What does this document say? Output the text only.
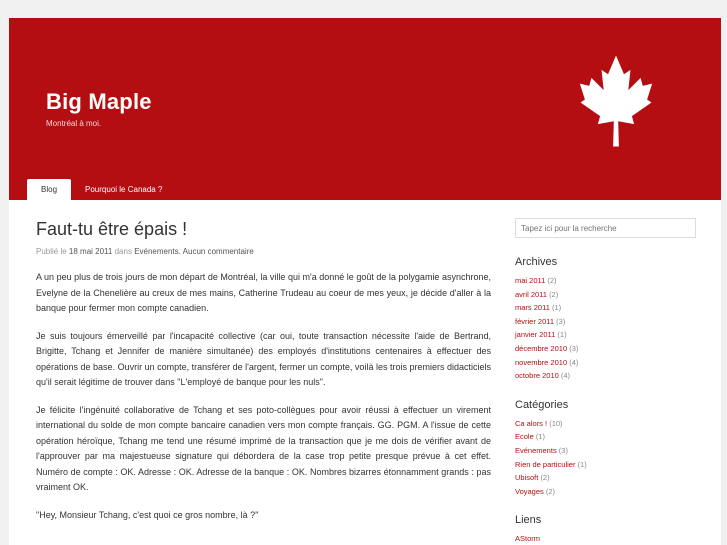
Big Maple
Montréal à moi.
Blog	Pourquoi le Canada ?
Faut-tu être épais !
Publié le 18 mai 2011 dans Evénements. Aucun commentaire

A un peu plus de trois jours de mon départ de Montréal, la ville qui m'a donné le goût de la polygamie asynchrone, Evelyne de la Chenelière au creux de mes mains, Catherine Trudeau au coeur de mes yeux, je décide d'aller à la banque pour fermer mon compte canadien.

Je suis toujours émerveillé par l'incapacité collective (car oui, toute transaction nécessite l'aide de Bertrand, Brigitte, Tchang et Jennifer de manière simultanée) des employés d'institutions centenaires à effectuer des opérations de base. Ouvrir un compte, transférer de l'argent, fermer un compte, voilà les trois premiers didacticiels qu'il serait légitime de trouver dans "L'employé de banque pour les nuls".

Je félicite l'ingénuité collaborative de Tchang et ses poto-collègues pour avoir réussi à effectuer un virement international du solde de mon compte bancaire canadien vers mon compte français. GG. PGM. A l'issue de cette opération héroïque, Tchang me tend une résumé imprimé de la transaction que je me dois de vérifier avant de l'approuver par ma majestueuse signature qui débordera de la case trop petite presque prévue à cet effet. Numéro de compte : OK. Adresse : OK. Adresse de la banque : OK. Nombres bizarres étonnamment grands : pas vraiment OK.

"Hey, Monsieur Tchang, c'est quoi ce gros nombre, là ?"

Tapez ici pour la recherche
Archives
mai 2011 (2)
avril 2011 (2)
mars 2011 (1)
février 2011 (3)
janvier 2011 (1)
décembre 2010 (3)
novembre 2010 (4)
octobre 2010 (4)
Catégories
Ca alors ! (10)
Ecole (1)
Evénements (3)
Rien de particulier (1)
Ubisoft (2)
Voyages (2)
Liens
AStorm
